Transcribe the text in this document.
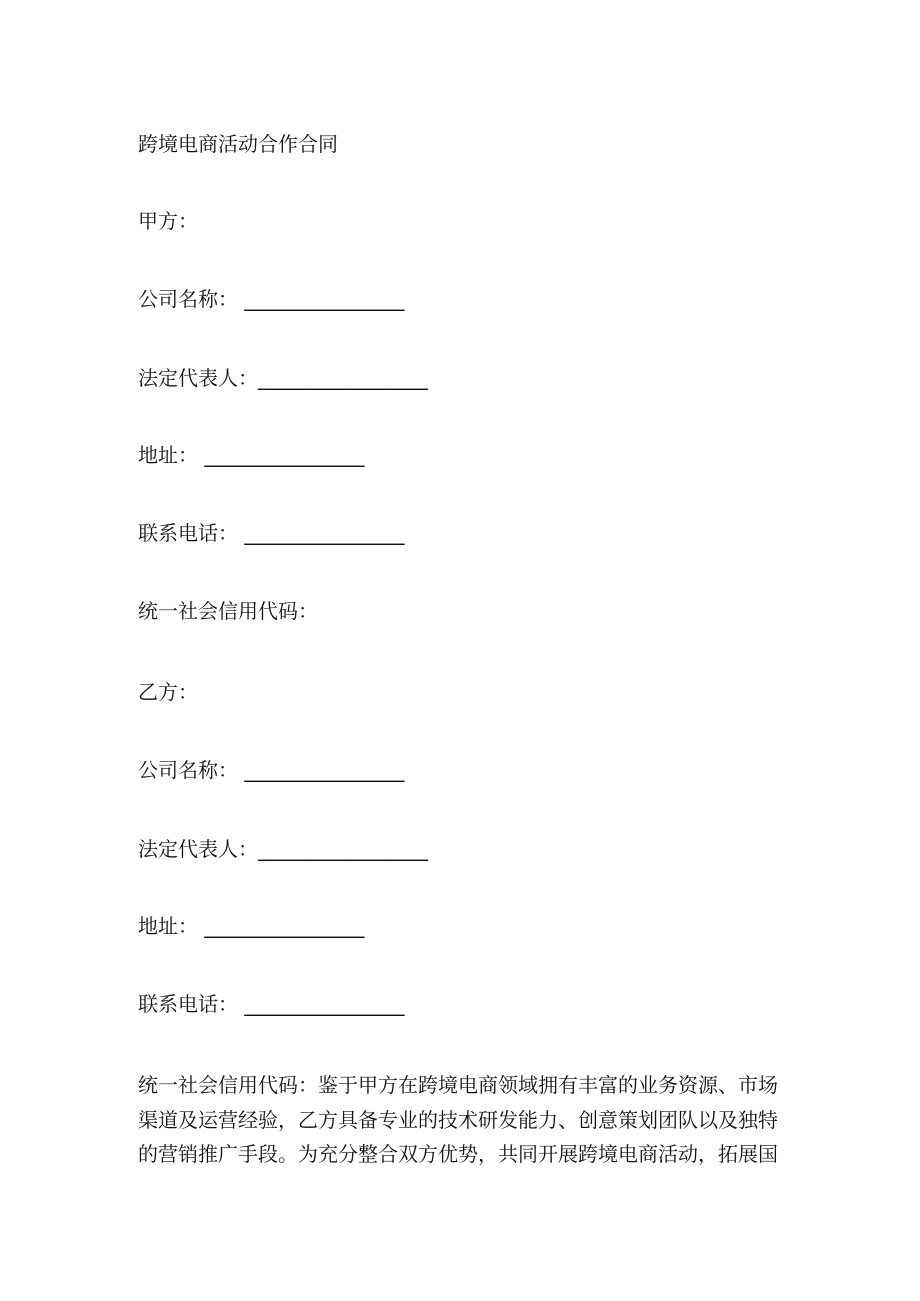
跨境电商活动合作合同
甲方：
公司名称： ________________
法定代表人：_________________
地址： ________________
联系电话： ________________
统一社会信用代码：
乙方：
公司名称： ________________
法定代表人：_________________
地址： ________________
联系电话： ________________
统一社会信用代码：鉴于甲方在跨境电商领域拥有丰富的业务资源、市场
渠道及运营经验，乙方具备专业的技术研发能力、创意策划团队以及独特
的营销推广手段。为充分整合双方优势，共同开展跨境电商活动，拓展国
